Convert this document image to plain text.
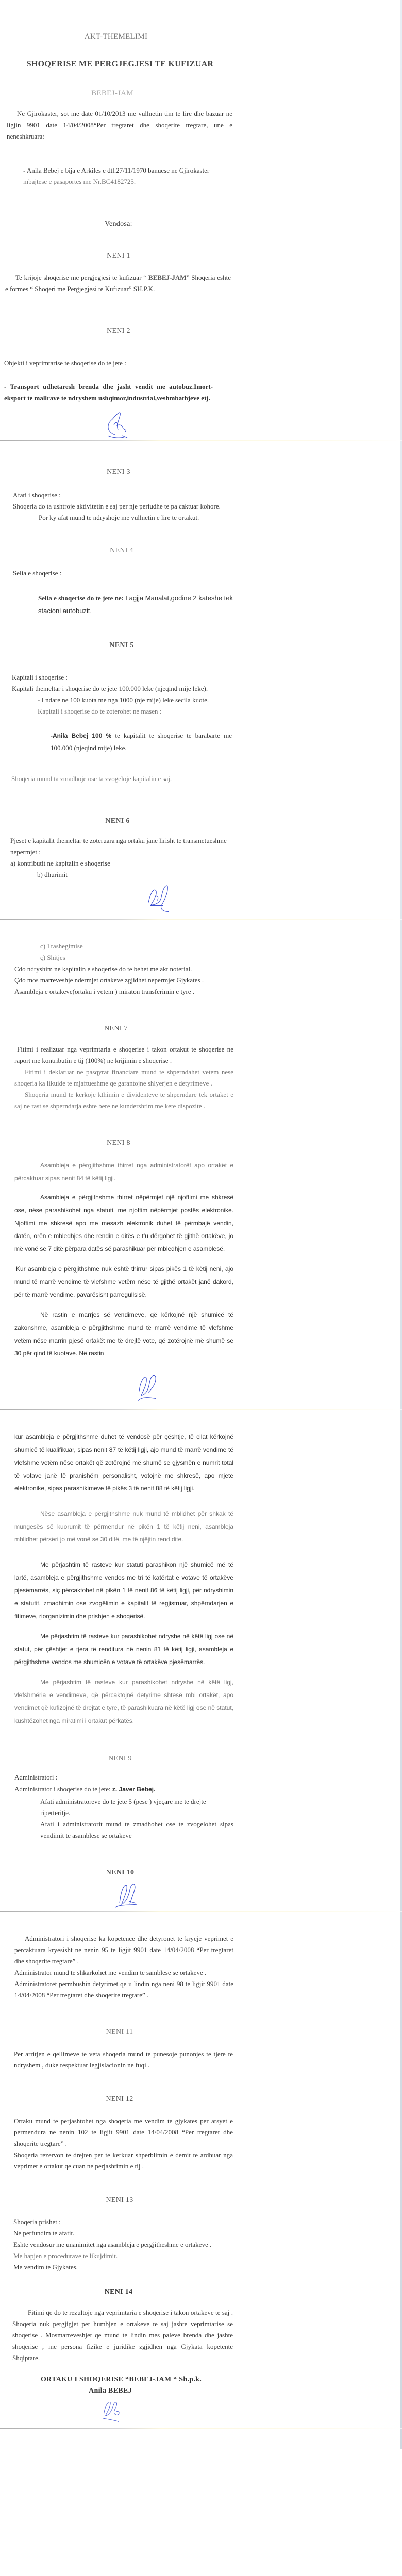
AKT-THEMELIMI
SHOQERISE ME PERGJEGJESI TE KUFIZUAR
BEBEJ-JAM

Ne Gjirokaster, sot me date 01/10/2013 me vullnetin tim te lire dhe bazuar ne ligjin 9901 date 14/04/2008“Per tregtaret dhe shoqerite tregtare, une e neneshkruara:

- Anila Bebej e bija e Arkiles e dtl.27/11/1970 banuese ne Gjirokaster

mbajtese e pasaportes me Nr.BC4182725.

Vendosa:
NENI 1

Te krijoje shoqerise me pergjegjesi te kufizuar “ BEBEJ-JAM” Shoqeria eshte e formes “ Shoqeri me Pergjegjesi te Kufizuar” SH.P.K.

NENI 2

Objekti i veprimtarise te shoqerise do te jete :

- Transport udhetaresh brenda dhe jasht vendit me autobuz.Imort-eksport te mallrave te ndryshem ushqimor,industrial,veshmbathjeve etj.

NENI 3

Afati i shoqerise :

Shoqeria do ta ushtroje aktivitetin e saj per nje periudhe te pa caktuar kohore.

Por ky afat mund te ndryshoje me vullnetin e lire te ortakut.

NENI 4

Selia e shoqerise :

Selia e shoqerise do te jete ne: Lagjja Manalat,godine 2 kateshe tek stacioni autobuzit.

NENI 5

Kapitali i shoqerise :

Kapitali themeltar i shoqerise do te jete 100.000 leke (njeqind mije leke).

- I ndare ne 100 kuota me nga 1000 (nje mije) leke secila kuote.

Kapitali i shoqerise do te zoterohet ne masen :

-Anila Bebej 100 % te kapitalit te shoqerise te barabarte me 100.000 (njeqind mije) leke.

Shoqeria mund ta zmadhoje ose ta zvogeloje kapitalin e saj.

NENI 6

Pjeset e kapitalit themeltar te zoteruara nga ortaku jane lirisht te transmetueshme nepermjet :

a) kontributit ne kapitalin e shoqerise

b) dhurimit

c) Trashegimise

ç) Shitjes

Cdo ndryshim ne kapitalin e shoqerise do te behet me akt noterial.

Çdo mos marreveshje ndermjet ortakeve zgjidhet nepermjet Gjykates .

Asambleja e ortakeve(ortaku i vetem ) miraton transferimin e tyre .

NENI 7

Fitimi i realizuar nga veprimtaria e shoqerise i takon ortakut te shoqerise ne raport me kontributin e tij (100%) ne krijimin e shoqerise .

Fitimi i deklaruar ne pasqyrat financiare mund te shperndahet vetem nese shoqeria ka likuide te mjaftueshme qe garantojne shlyerjen e detyrimeve .

Shoqeria mund te kerkoje kthimin e dividenteve te shperndare tek ortaket e saj ne rast se shperndarja eshte bere ne kundershtim me kete dispozite .

NENI 8

Asambleja e përgjithshme thirret nga administratorët apo ortakët e përcaktuar sipas nenit 84 të këtij ligji.

Asambleja e përgjithshme thirret nëpërmjet një njoftimi me shkresë ose, nëse parashikohet nga statuti, me njoftim nëpërmjet postës elektronike. Njoftimi me shkresë apo me mesazh elektronik duhet të përmbajë vendin, datën, orën e mbledhjes dhe rendin e ditës e t’u dërgohet të gjithë ortakëve, jo më vonë se 7 ditë përpara datës së parashikuar për mbledhjen e asamblesë.

Kur asambleja e përgjithshme nuk është thirrur sipas pikës 1 të këtij neni, ajo mund të marrë vendime të vlefshme vetëm nëse të gjithë ortakët janë dakord, për të marrë vendime, pavarësisht parregullsisë.

Në rastin e marrjes së vendimeve, që kërkojnë një shumicë të zakonshme, asambleja e përgjithshme mund të marrë vendime të vlefshme vetëm nëse marrin pjesë ortakët me të drejtë vote, që zotërojnë më shumë se 30 për qind të kuotave. Në rastin

kur asambleja e përgjithshme duhet të vendosë për çështje, të cilat kërkojnë shumicë të kualifikuar, sipas nenit 87 të këtij ligji, ajo mund të marrë vendime të vlefshme vetëm nëse ortakët që zotërojnë më shumë se gjysmën e numrit total të votave janë të pranishëm personalisht, votojnë me shkresë, apo mjete elektronike, sipas parashikimeve të pikës 3 të nenit 88 të këtij ligji.

Nëse asambleja e përgjithshme nuk mund të mblidhet për shkak të mungesës së kuorumit të përmendur në pikën 1 të këtij neni, asambleja mblidhet përsëri jo më vonë se 30 ditë, me të njëjtin rend dite.

Me përjashtim të rasteve kur statuti parashikon një shumicë më të lartë, asambleja e përgjithshme vendos me tri të katërtat e votave të ortakëve pjesëmarrës, siç përcaktohet në pikën 1 të nenit 86 të këtij ligji, për ndryshimin e statutit, zmadhimin ose zvogëlimin e kapitalit të regjistruar, shpërndarjen e fitimeve, riorganizimin dhe prishjen e shoqërisë.

Me përjashtim të rasteve kur parashikohet ndryshe në këtë ligj ose në statut, për çështjet e tjera të renditura në nenin 81 të këtij ligji, asambleja e përgjithshme vendos me shumicën e votave të ortakëve pjesëmarrës.

Me përjashtim të rasteve kur parashikohet ndryshe në këtë ligj, vlefshmëria e vendimeve, që përcaktojnë detyrime shtesë mbi ortakët, apo vendimet që kufizojnë të drejtat e tyre, të parashikuara në këtë ligj ose në statut, kushtëzohet nga miratimi i ortakut përkatës.

NENI 9

Administratori :

Administrator i shoqerise do te jete: z. Javer Bebej.

Afati administratoreve do te jete 5 (pese ) vjeçare me te drejte riperteritje.

Afati i administratorit mund te zmadhohet ose te zvogelohet sipas vendimit te asamblese se ortakeve

NENI 10

Administratori i shoqerise ka kopetence dhe detyronet te kryeje veprimet e percaktuara kryesisht ne nenin 95 te ligjit 9901 date 14/04/2008 “Per tregtaret dhe shoqerite tregtare” .

Administrator mund te shkarkohet me vendim te samblese se ortakeve .

Administratoret permbushin detyrimet qe u lindin nga neni 98 te ligjit 9901 date 14/04/2008 “Per tregtaret dhe shoqerite tregtare” .

NENI 11

Per arritjen e qellimeve te veta shoqeria mund te punesoje punonjes te tjere te ndryshem , duke respektuar legjislacionin ne fuqi .

NENI 12

Ortaku mund te perjashtohet nga shoqeria me vendim te gjykates per arsyet e permendura ne nenin 102 te ligjit 9901 date 14/04/2008 “Per tregtaret dhe shoqerite tregtare” .

Shoqeria rezervon te drejten per te kerkuar shperblimin e demit te ardhuar nga veprimet e ortakut qe cuan ne perjashtimin e tij .

NENI 13

Shoqeria prishet :

Ne perfundim te afatit.

Eshte vendosur me unanimitet nga asambleja e pergjitheshme e ortakeve .

Me hapjen e procedurave te likujdimit.

Me vendim te Gjykates.

NENI 14

Fitimi qe do te rezultoje nga veprimtaria e shoqerise i takon ortakeve te saj . Shoqeria nuk pergjigjet per humbjen e ortakeve te saj jashte veprimtarise se shoqerise . Mosmarreveshjet qe mund te lindin mes paleve brenda dhe jashte shoqerise , me persona fizike e juridike zgjidhen nga Gjykata kopetente Shqiptare.

ORTAKU I SHOQERISE “BEBEJ-JAM “ Sh.p.k.
Anila BEBEJ
